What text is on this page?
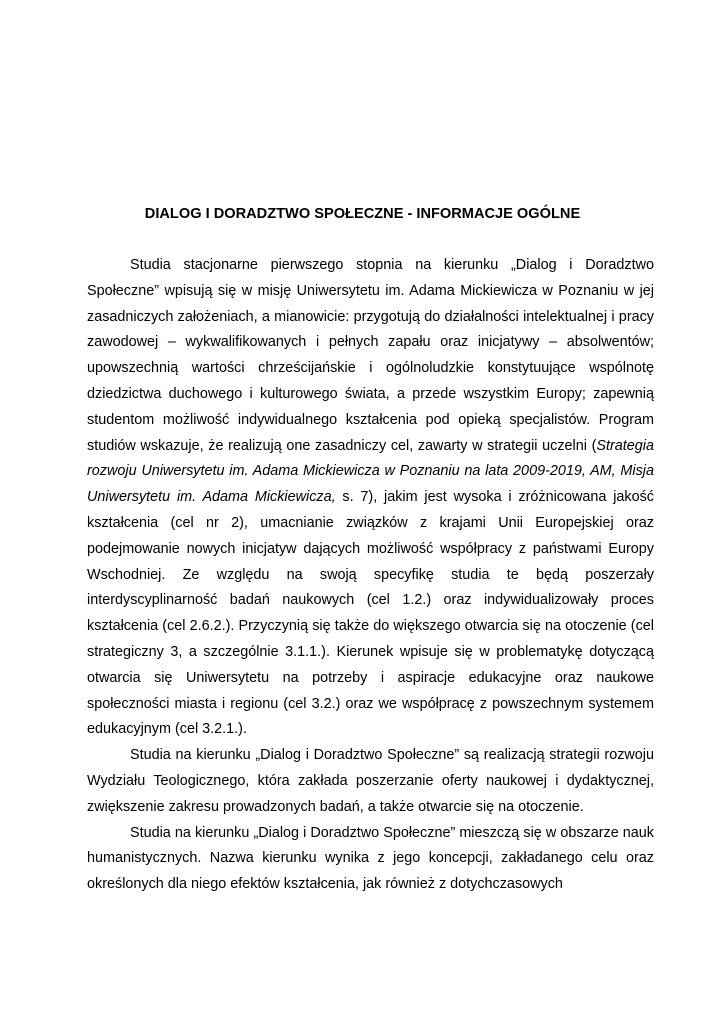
DIALOG I DORADZTWO SPOŁECZNE - INFORMACJE OGÓLNE

Studia stacjonarne pierwszego stopnia na kierunku „Dialog i Doradztwo Społeczne” wpisują się w misję Uniwersytetu im. Adama Mickiewicza w Poznaniu w jej zasadniczych założeniach, a mianowicie: przygotują do działalności intelektualnej i pracy zawodowej – wykwalifikowanych i pełnych zapału oraz inicjatywy – absolwentów; upowszechnią wartości chrześcijańskie i ogólnoludzkie konstytuujące wspólnotę dziedzictwa duchowego i kulturowego świata, a przede wszystkim Europy; zapewnią studentom możliwość indywidualnego kształcenia pod opieką specjalistów. Program studiów wskazuje, że realizują one zasadniczy cel, zawarty w strategii uczelni (Strategia rozwoju Uniwersytetu im. Adama Mickiewicza w Poznaniu na lata 2009-2019, AM, Misja Uniwersytetu im. Adama Mickiewicza, s. 7), jakim jest wysoka i zróżnicowana jakość kształcenia (cel nr 2), umacnianie związków z krajami Unii Europejskiej oraz podejmowanie nowych inicjatyw dających możliwość współpracy z państwami Europy Wschodniej. Ze względu na swoją specyfikę studia te będą poszerzały interdyscyplinarność badań naukowych (cel 1.2.) oraz indywidualizowały proces kształcenia (cel 2.6.2.). Przyczynią się także do większego otwarcia się na otoczenie (cel strategiczny 3, a szczególnie 3.1.1.). Kierunek wpisuje się w problematykę dotyczącą otwarcia się Uniwersytetu na potrzeby i aspiracje edukacyjne oraz naukowe społeczności miasta i regionu (cel 3.2.) oraz we współpracę z powszechnym systemem edukacyjnym (cel 3.2.1.).

Studia na kierunku „Dialog i Doradztwo Społeczne” są realizacją strategii rozwoju Wydziału Teologicznego, która zakłada poszerzanie oferty naukowej i dydaktycznej, zwiększenie zakresu prowadzonych badań, a także otwarcie się na otoczenie.

Studia na kierunku „Dialog i Doradztwo Społeczne” mieszczą się w obszarze nauk humanistycznych. Nazwa kierunku wynika z jego koncepcji, zakładanego celu oraz określonych dla niego efektów kształcenia, jak również z dotychczasowych
